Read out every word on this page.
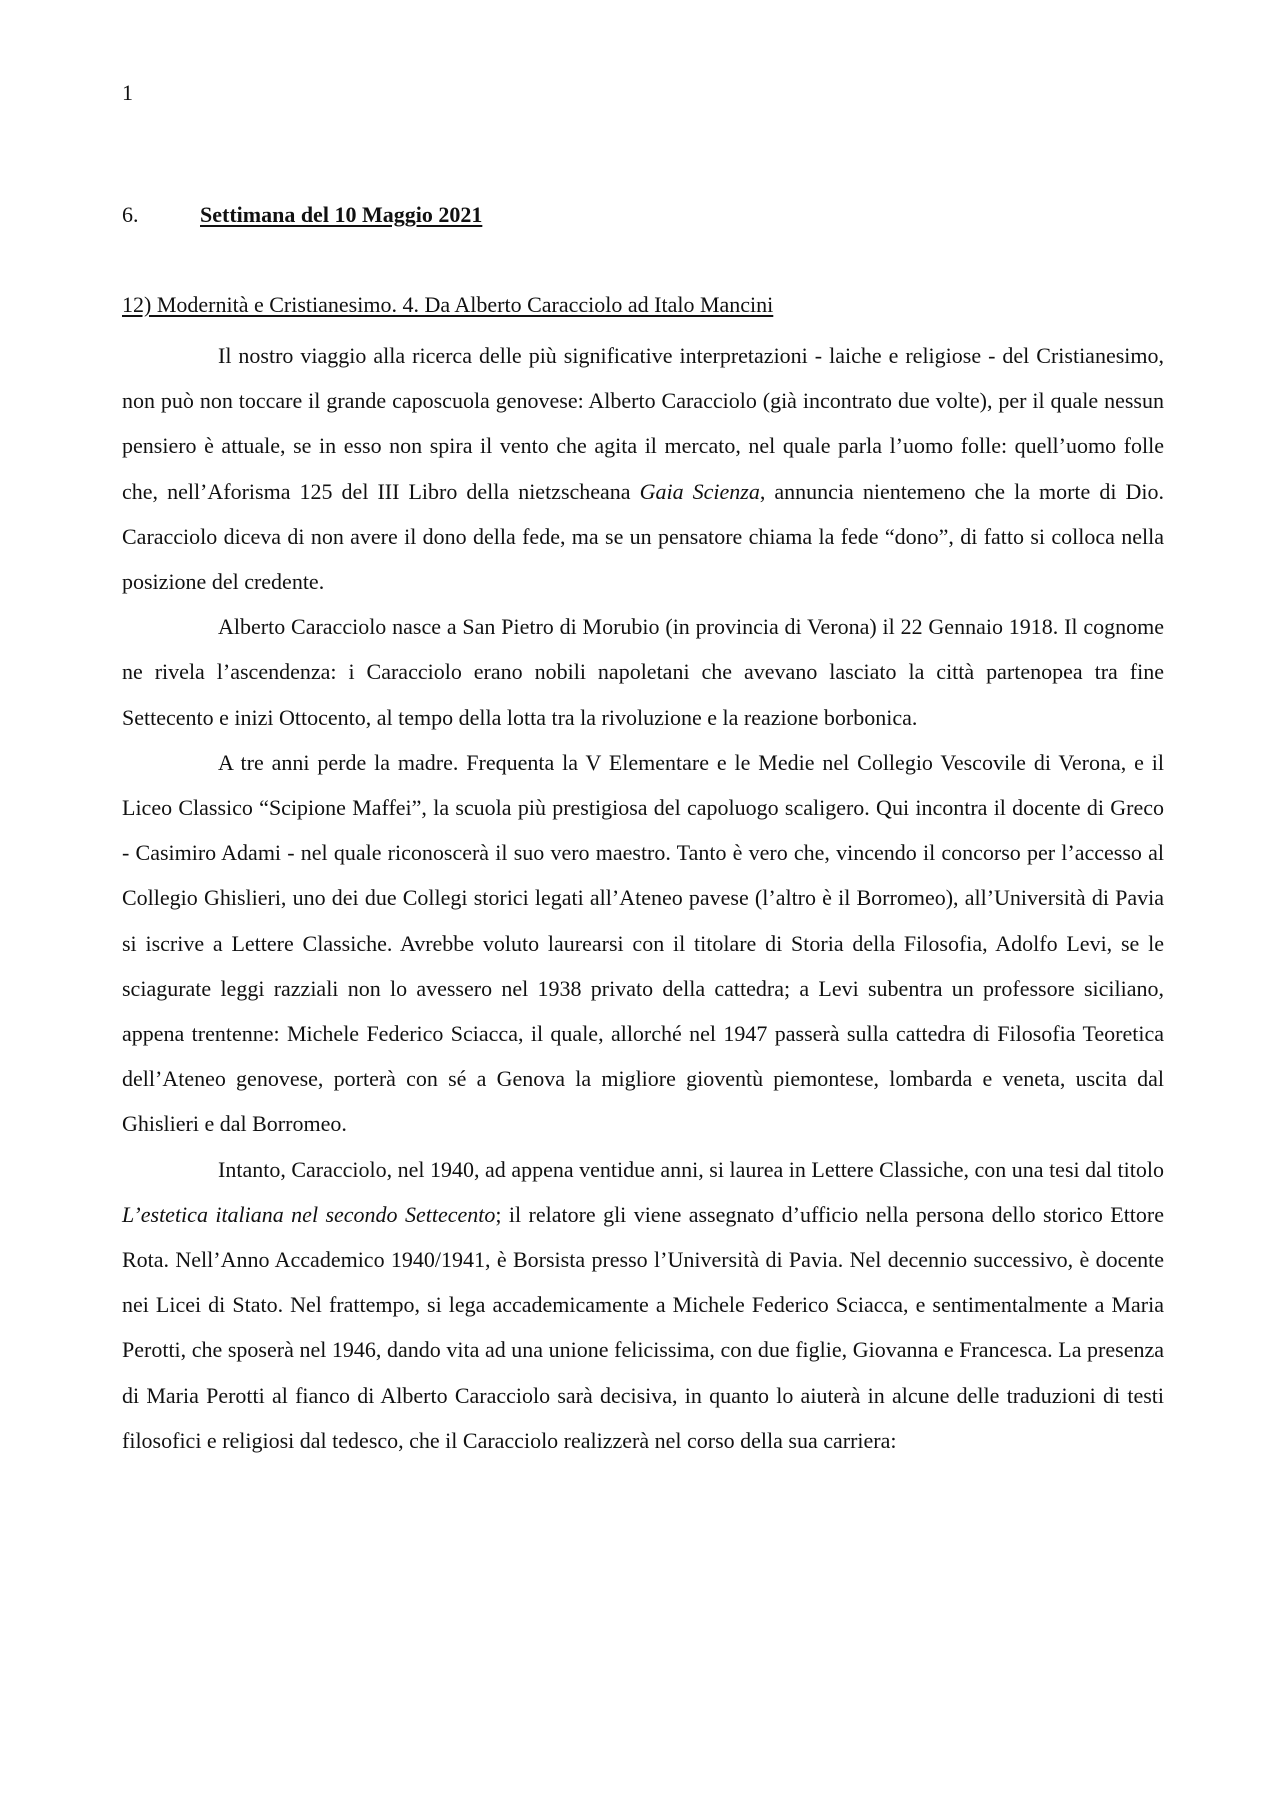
1
6.	Settimana del 10 Maggio 2021
12) Modernità e Cristianesimo. 4. Da Alberto Caracciolo ad Italo Mancini

Il nostro viaggio alla ricerca delle più significative interpretazioni - laiche e religiose - del Cristianesimo, non può non toccare il grande caposcuola genovese: Alberto Caracciolo (già incontrato due volte), per il quale nessun pensiero è attuale, se in esso non spira il vento che agita il mercato, nel quale parla l’uomo folle: quell’uomo folle che, nell’Aforisma 125 del III Libro della nietzscheana Gaia Scienza, annuncia nientemeno che la morte di Dio. Caracciolo diceva di non avere il dono della fede, ma se un pensatore chiama la fede “dono”, di fatto si colloca nella posizione del credente.

Alberto Caracciolo nasce a San Pietro di Morubio (in provincia di Verona) il 22 Gennaio 1918. Il cognome ne rivela l’ascendenza: i Caracciolo erano nobili napoletani che avevano lasciato la città partenopea tra fine Settecento e inizi Ottocento, al tempo della lotta tra la rivoluzione e la reazione borbonica.

A tre anni perde la madre. Frequenta la V Elementare e le Medie nel Collegio Vescovile di Verona, e il Liceo Classico “Scipione Maffei”, la scuola più prestigiosa del capoluogo scaligero. Qui incontra il docente di Greco - Casimiro Adami - nel quale riconoscerà il suo vero maestro. Tanto è vero che, vincendo il concorso per l’accesso al Collegio Ghislieri, uno dei due Collegi storici legati all’Ateneo pavese (l’altro è il Borromeo), all’Università di Pavia si iscrive a Lettere Classiche. Avrebbe voluto laurearsi con il titolare di Storia della Filosofia, Adolfo Levi, se le sciagurate leggi razziali non lo avessero nel 1938 privato della cattedra; a Levi subentra un professore siciliano, appena trentenne: Michele Federico Sciacca, il quale, allorché nel 1947 passerà sulla cattedra di Filosofia Teoretica dell’Ateneo genovese, porterà con sé a Genova la migliore gioventù piemontese, lombarda e veneta, uscita dal Ghislieri e dal Borromeo.

Intanto, Caracciolo, nel 1940, ad appena ventidue anni, si laurea in Lettere Classiche, con una tesi dal titolo L’estetica italiana nel secondo Settecento; il relatore gli viene assegnato d’ufficio nella persona dello storico Ettore Rota. Nell’Anno Accademico 1940/1941, è Borsista presso l’Università di Pavia. Nel decennio successivo, è docente nei Licei di Stato. Nel frattempo, si lega accademicamente a Michele Federico Sciacca, e sentimentalmente a Maria Perotti, che sposerà nel 1946, dando vita ad una unione felicissima, con due figlie, Giovanna e Francesca. La presenza di Maria Perotti al fianco di Alberto Caracciolo sarà decisiva, in quanto lo aiuterà in alcune delle traduzioni di testi filosofici e religiosi dal tedesco, che il Caracciolo realizzerà nel corso della sua carriera:
